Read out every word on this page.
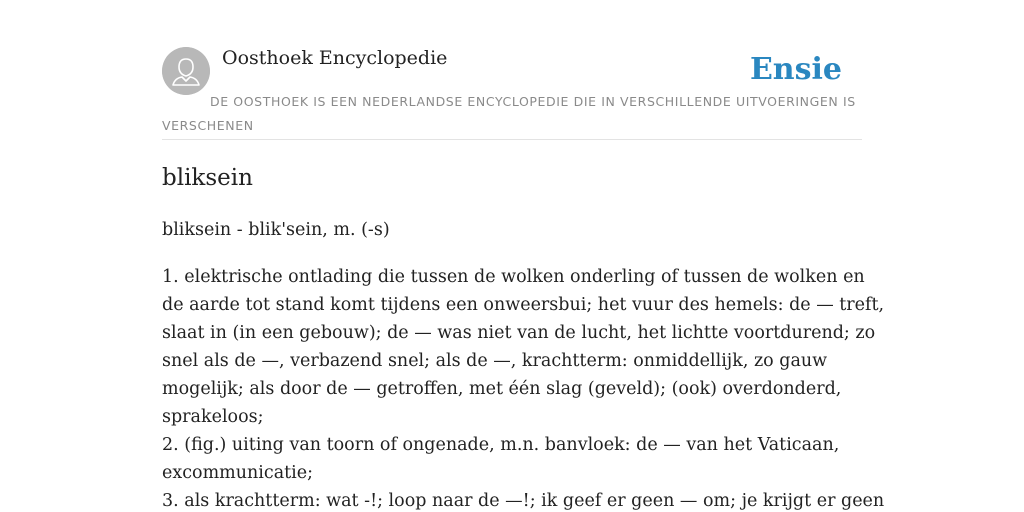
Oosthoek Encyclopedie	Ensie

DE OOSTHOEK IS EEN NEDERLANDSE ENCYCLOPEDIE DIE IN VERSCHILLENDE UITVOERINGEN IS VERSCHENEN

bliksein

bliksein - blik'sein, m. (-s)

1. elektrische ontlading die tussen de wolken onderling of tussen de wolken en
de aarde tot stand komt tijdens een onweersbui; het vuur des hemels: de — treft,
slaat in (in een gebouw); de — was niet van de lucht, het lichtte voortdurend; zo
snel als de —, verbazend snel; als de —, krachtterm: onmiddellijk, zo gauw
mogelijk; als door de — getroffen, met één slag (geveld); (ook) overdonderd,
sprakeloos;
2. (fig.) uiting van toorn of ongenade, m.n. banvloek: de — van het Vaticaan,
excommunicatie;
3. als krachtterm: wat -!; loop naar de —!; ik geef er geen — om; je krijgt er geen
